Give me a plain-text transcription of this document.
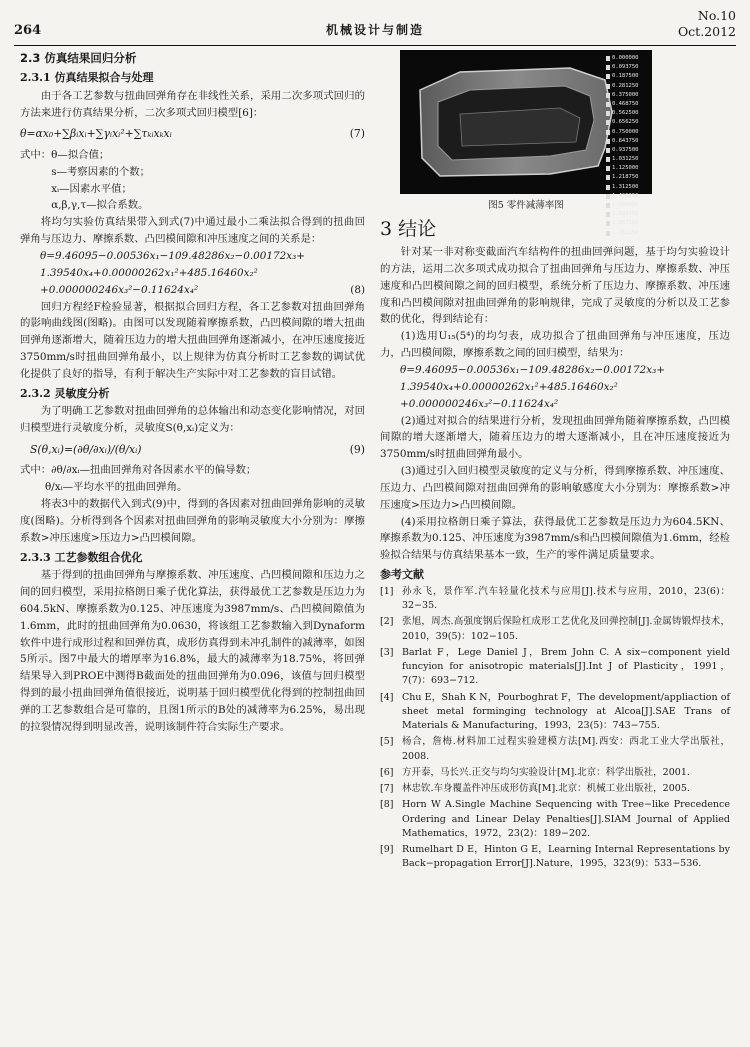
264	机械设计与制造
No.10
Oct.2012
2.3 仿真结果回归分析
2.3.1 仿真结果拟合与处理

由于各工艺参数与扭曲回弹角存在非线性关系，采用二次多项式回归的方法来进行仿真结果分析，二次多项式回归模型[6]：

θ=αx₀+∑βᵢxᵢ+∑γᵢxᵢ²+∑τₖᵢxₖxᵢ	(7)

式中：θ—拟合值；

s—考察因素的个数；

xᵢ—因素水平值；

α,β,γ,τ—拟合系数。

将均匀实验仿真结果带入到式(7)中通过最小二乘法拟合得到的扭曲回弹角与压边力、摩擦系数、凸凹模间隙和冲压速度之间的关系是：

θ=9.46095−0.00536x₁−109.48286x₂−0.00172x₃+
1.39540x₄+0.00000262x₁²+485.16460x₂²
+0.000000246x₃²−0.11624x₄²	(8)

回归方程经F检验显著，根据拟合回归方程，各工艺参数对扭曲回弹角的影响曲线图(图略)。由图可以发现随着摩擦系数，凸凹模间隙的增大扭曲回弹角逐渐增大，随着压边力的增大扭曲回弹角逐渐减小，在冲压速度接近3750mm/s时扭曲回弹角最小，以上规律为仿真分析时工艺参数的调试优化提供了良好的指导，有利于解决生产实际中对工艺参数的盲目试错。

2.3.2 灵敏度分析

为了明确工艺参数对扭曲回弹角的总体输出和动态变化影响情况，对回归模型进行灵敏度分析，灵敏度S(θ,xᵢ)定义为：

S(θ,xᵢ)=(∂θ/∂xᵢ)/(θ/xᵢ)	(9)

式中：∂θ/∂xᵢ—扭曲回弹角对各因素水平的偏导数；

θ/xᵢ—平均水平的扭曲回弹角。

将表3中的数据代入到式(9)中，得到的各因素对扭曲回弹角影响的灵敏度(图略)。分析得到各个因素对扭曲回弹角的影响灵敏度大小分别为：摩擦系数>冲压速度>压边力>凸凹模间隙。

2.3.3 工艺参数组合优化

基于得到的扭曲回弹角与摩擦系数、冲压速度、凸凹模间隙和压边力之间的回归模型，采用拉格朗日乘子优化算法，获得最优工艺参数是压边力为604.5kN、摩擦系数为0.125、冲压速度为3987mm/s、凸凹模间隙值为1.6mm，此时的扭曲回弹角为0.0630，将该组工艺参数输入到Dynaform软件中进行成形过程和回弹仿真，成形仿真得到未冲孔制件的减薄率，如图5所示。图7中最大的增厚率为16.8%，最大的减薄率为18.75%，将回弹结果导入到PROE中测得B截面处的扭曲回弹角为0.096，该值与回归模型得到的最小扭曲回弹角值很接近，说明基于回归模型优化得到的控制扭曲回弹的工艺参数组合是可靠的，且图1所示的B处的减薄率为6.25%，易出现的拉裂情况得到明显改善，说明该制件符合实际生产要求。

0.000000
0.093750
0.187500
0.281250
0.375000
0.468750
0.562500
0.656250
0.750000
0.843750
0.937500
1.031250
1.125000
1.218750
1.312500
1.406250
1.500000
1.593750
1.687500
1.781250
图5 零件减薄率图
3 结论

针对某一非对称变截面汽车结构件的扭曲回弹问题，基于均匀实验设计的方法，运用二次多项式成功拟合了扭曲回弹角与压边力、摩擦系数、冲压速度和凸凹模间隙之间的回归模型，系统分析了压边力、摩擦系数、冲压速度和凸凹模间隙对扭曲回弹角的影响规律，完成了灵敏度的分析以及工艺参数的优化，得到结论有：

(1)选用U₁₅(5⁴)的均匀表，成功拟合了扭曲回弹角与冲压速度，压边力，凸凹模间隙，摩擦系数之间的回归模型，结果为：

θ=9.46095−0.00536x₁−109.48286x₂−0.00172x₃+
1.39540x₄+0.00000262x₁²+485.16460x₂²
+0.000000246x₃²−0.11624x₄²

(2)通过对拟合的结果进行分析，发现扭曲回弹角随着摩擦系数，凸凹模间隙的增大逐渐增大，随着压边力的增大逐渐减小，且在冲压速度接近为3750mm/s时扭曲回弹角最小。

(3)通过引入回归模型灵敏度的定义与分析，得到摩擦系数、冲压速度、压边力、凸凹模间隙对扭曲回弹角的影响敏感度大小分别为：摩擦系数>冲压速度>压边力>凸凹模间隙。

(4)采用拉格朗日乘子算法，获得最优工艺参数是压边力为604.5KN、摩擦系数为0.125、冲压速度为3987mm/s和凸凹模间隙值为1.6mm，经检验拟合结果与仿真结果基本一致，生产的零件满足质量要求。

参考文献
[1] 孙永飞，景作军.汽车轻量化技术与应用[J].技术与应用，2010，23(6)：32−35.
[2] 张旭，周杰.高强度钢后保险杠成形工艺优化及回弹控制[J].金属铸锻焊技术，2010，39(5)：102−105.
[3] Barlat F，Lege Daniel J，Brem John C. A six−component yield funcyion for anisotropic materials[J].Int J of Plasticity，1991，7(7)：693−712.
[4] Chu E，Shah K N，Pourboghrat F，The development/appliaction of sheet metal forminging technology at Alcoa[J].SAE Trans of Materials & Manufacturing，1993，23(5)：743−755.
[5] 杨合，詹梅.材料加工过程实验建模方法[M].西安：西北工业大学出版社，2008.
[6] 方开泰，马长兴.正交与均匀实验设计[M].北京：科学出版社，2001.
[7] 林忠钦.车身覆盖件冲压成形仿真[M].北京：机械工业出版社，2005.
[8] Horn W A.Single Machine Sequencing with Tree−like Precedence Ordering and Linear Delay Penalties[J].SIAM Journal of Applied Mathematics，1972，23(2)：189−202.
[9] Rumelhart D E，Hinton G E，Learning Internal Representations by Back−propagation Error[J].Nature，1995，323(9)：533−536.
